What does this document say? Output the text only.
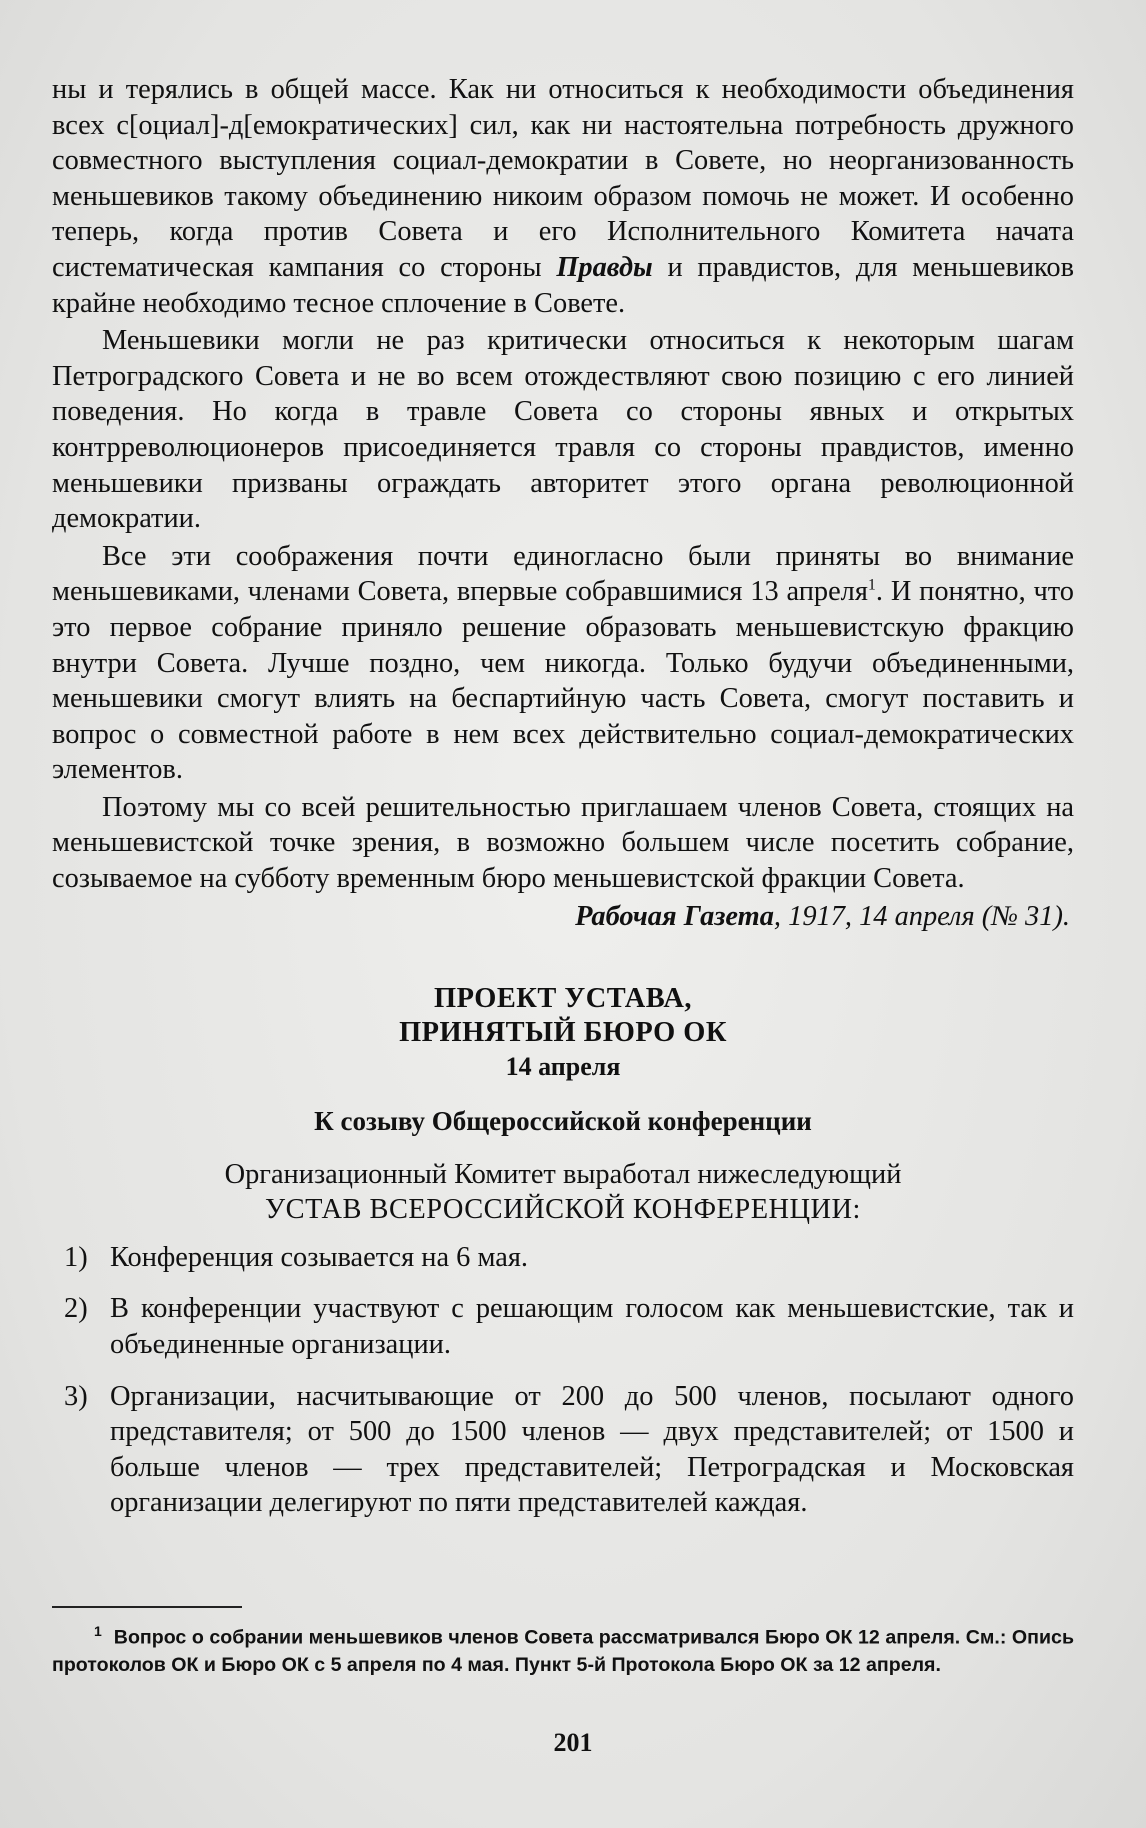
ны и терялись в общей массе. Как ни относиться к необходимости объединения всех с[оциал]-д[емократических] сил, как ни настоятельна потребность дружного совместного выступления социал-демократии в Совете, но неорганизованность меньшевиков такому объединению никоим образом помочь не может. И особенно теперь, когда против Совета и его Исполнительного Комитета начата систематическая кампания со стороны Правды и правдистов, для меньшевиков крайне необходимо тесное сплочение в Совете.

Меньшевики могли не раз критически относиться к некоторым шагам Петроградского Совета и не во всем отождествляют свою позицию с его линией поведения. Но когда в травле Совета со стороны явных и открытых контрреволюционеров присоединяется травля со стороны правдистов, именно меньшевики призваны ограждать авторитет этого органа революционной демократии.

Все эти соображения почти единогласно были приняты во внимание меньшевиками, членами Совета, впервые собравшимися 13 апреля$^1$. И понятно, что это первое собрание приняло решение образовать меньшевистскую фракцию внутри Совета. Лучше поздно, чем никогда. Только будучи объединенными, меньшевики смогут влиять на беспартийную часть Совета, смогут поставить и вопрос о совместной работе в нем всех действительно социал-демократических элементов.

Поэтому мы со всей решительностью приглашаем членов Совета, стоящих на меньшевистской точке зрения, в возможно большем числе посетить собрание, созываемое на субботу временным бюро меньшевистской фракции Совета.

Рабочая Газета, 1917, 14 апреля (№ 31).

ПРОЕКТ УСТАВА,
ПРИНЯТЫЙ БЮРО ОК
14 апреля
К созыву Общероссийской конференции
Организационный Комитет выработал нижеследующий
УСТАВ ВСЕРОССИЙСКОЙ КОНФЕРЕНЦИИ:
1) Конференция созывается на 6 мая.
2) В конференции участвуют с решающим голосом как меньшевистские, так и объединенные организации.
3) Организации, насчитывающие от 200 до 500 членов, посылают одного представителя; от 500 до 1500 членов — двух представителей; от 1500 и больше членов — трех представителей; Петроградская и Московская организации делегируют по пяти представителей каждая.
$^1$ Вопрос о собрании меньшевиков членов Совета рассматривался Бюро ОК 12 апреля. См.: Опись протоколов ОК и Бюро ОК с 5 апреля по 4 мая. Пункт 5-й Протокола Бюро ОК за 12 апреля.
201
